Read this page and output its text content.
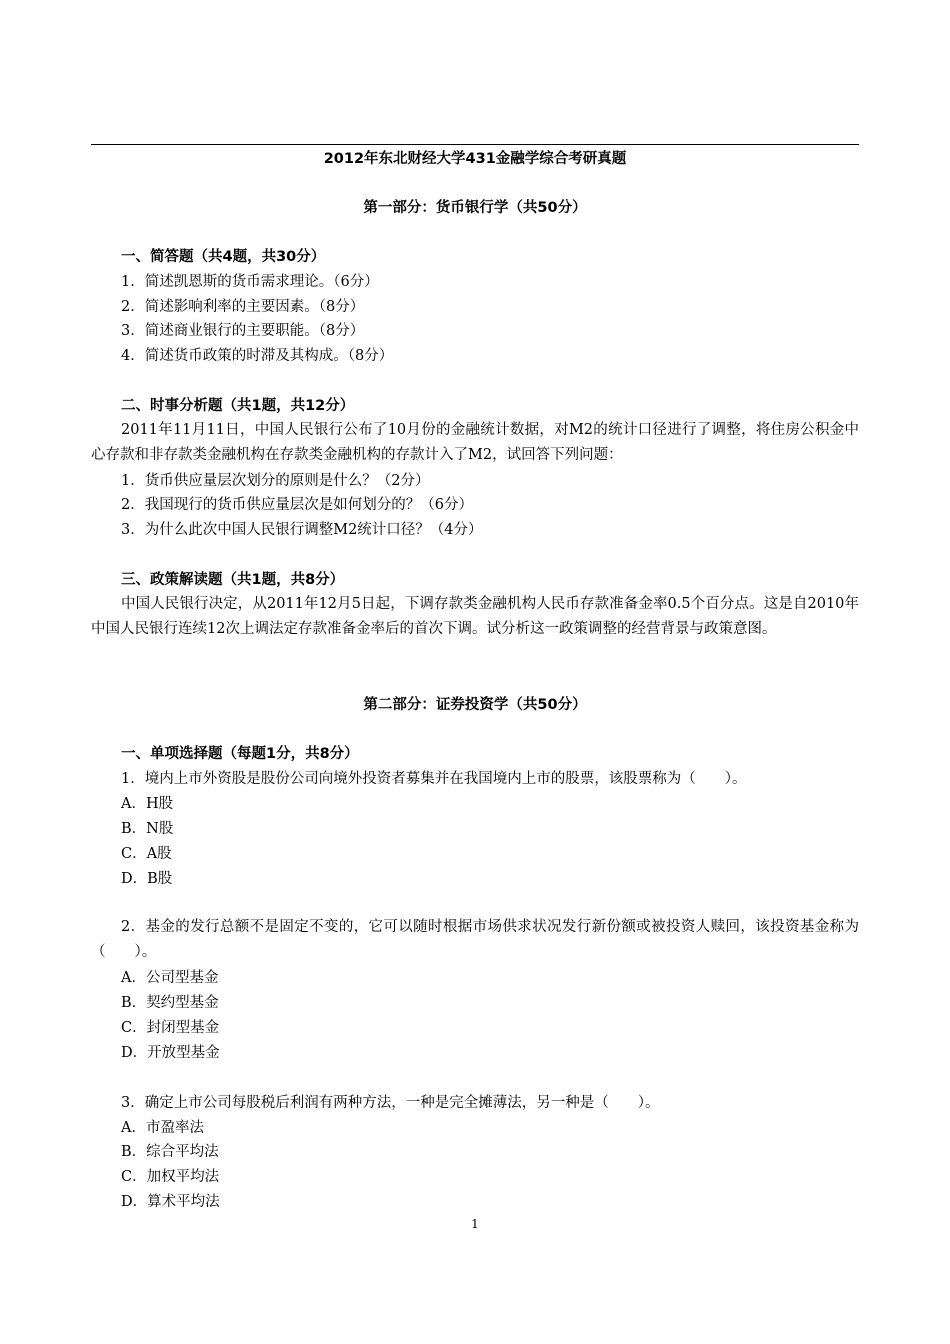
2012年东北财经大学431金融学综合考研真题
第一部分：货币银行学（共50分）
一、简答题（共4题，共30分）
1．简述凯恩斯的货币需求理论。（6分）
2．简述影响利率的主要因素。（8分）
3．简述商业银行的主要职能。（8分）
4．简述货币政策的时滞及其构成。（8分）
二、时事分析题（共1题，共12分）
2011年11月11日，中国人民银行公布了10月份的金融统计数据，对M2的统计口径进行了调整，将住房公积金中心存款和非存款类金融机构在存款类金融机构的存款计入了M2，试回答下列问题：
1．货币供应量层次划分的原则是什么？（2分）
2．我国现行的货币供应量层次是如何划分的？（6分）
3．为什么此次中国人民银行调整M2统计口径？（4分）
三、政策解读题（共1题，共8分）
中国人民银行决定，从2011年12月5日起，下调存款类金融机构人民币存款准备金率0.5个百分点。这是自2010年中国人民银行连续12次上调法定存款准备金率后的首次下调。试分析这一政策调整的经营背景与政策意图。
第二部分：证券投资学（共50分）
一、单项选择题（每题1分，共8分）
1．境内上市外资股是股份公司向境外投资者募集并在我国境内上市的股票，该股票称为（　　）。
A．H股
B．N股
C．A股
D．B股
2．基金的发行总额不是固定不变的，它可以随时根据市场供求状况发行新份额或被投资人赎回，该投资基金称为（　　）。
A．公司型基金
B．契约型基金
C．封闭型基金
D．开放型基金
3．确定上市公司每股税后利润有两种方法，一种是完全摊薄法，另一种是（　　）。
A．市盈率法
B．综合平均法
C．加权平均法
D．算术平均法
1
